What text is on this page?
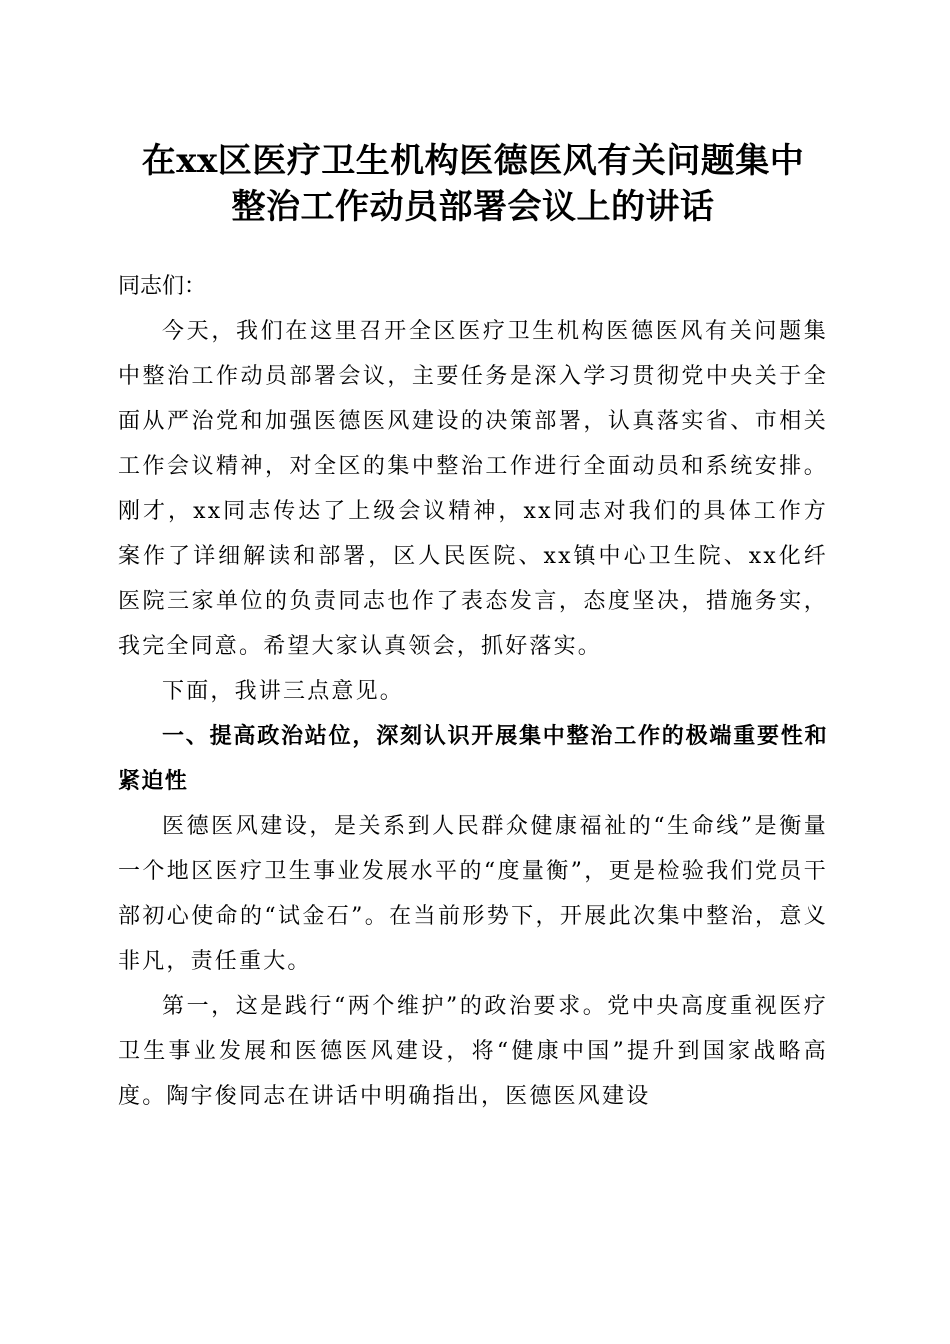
在xx区医疗卫生机构医德医风有关问题集中
整治工作动员部署会议上的讲话

同志们：

今天，我们在这里召开全区医疗卫生机构医德医风有关问题集中整治工作动员部署会议，主要任务是深入学习贯彻党中央关于全面从严治党和加强医德医风建设的决策部署，认真落实省、市相关工作会议精神，对全区的集中整治工作进行全面动员和系统安排。刚才，xx同志传达了上级会议精神，xx同志对我们的具体工作方案作了详细解读和部署，区人民医院、xx镇中心卫生院、xx化纤医院三家单位的负责同志也作了表态发言，态度坚决，措施务实，我完全同意。希望大家认真领会，抓好落实。

下面，我讲三点意见。

一、提高政治站位，深刻认识开展集中整治工作的极端重要性和紧迫性

医德医风建设，是关系到人民群众健康福祉的“生命线”是衡量一个地区医疗卫生事业发展水平的“度量衡”，更是检验我们党员干部初心使命的“试金石”。在当前形势下，开展此次集中整治，意义非凡，责任重大。

第一，这是践行“两个维护”的政治要求。党中央高度重视医疗卫生事业发展和医德医风建设，将“健康中国”提升到国家战略高度。陶宇俊同志在讲话中明确指出，医德医风建设
